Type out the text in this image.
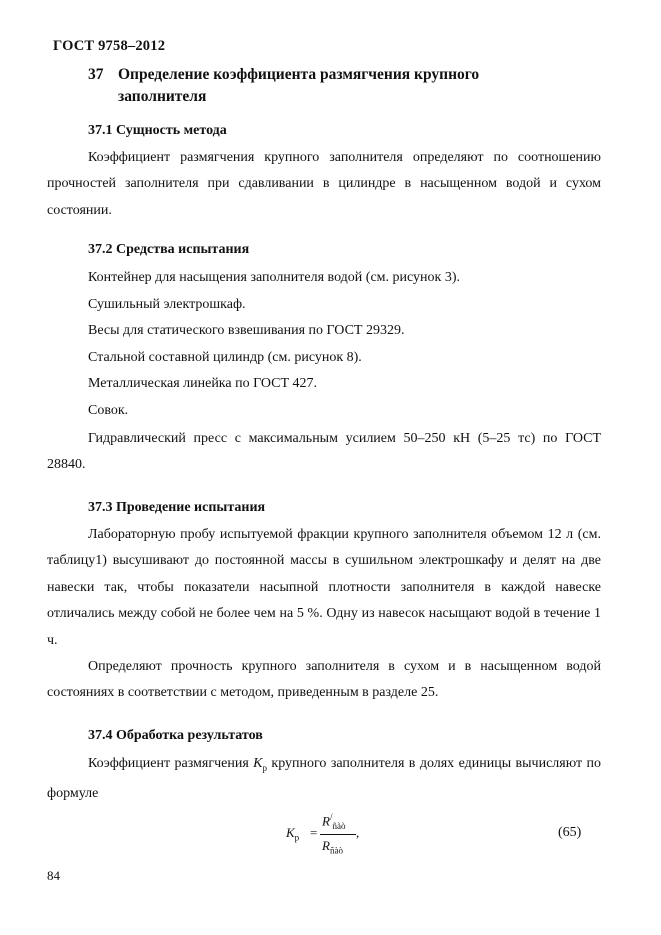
ГОСТ 9758–2012
37 Определение коэффициента размягчения крупного
заполнителя
37.1 Сущность метода
Коэффициент размягчения крупного заполнителя определяют по соотношению прочностей заполнителя при сдавливании в цилиндре в насыщенном водой и сухом состоянии.
37.2 Средства испытания
Контейнер для насыщения заполнителя водой (см. рисунок 3).
Сушильный электрошкаф.
Весы для статического взвешивания по ГОСТ 29329.
Стальной составной цилиндр (см. рисунок 8).
Металлическая линейка по ГОСТ 427.
Совок.
Гидравлический пресс с максимальным усилием 50–250 кН (5–25 тс) по ГОСТ 28840.
37.3 Проведение испытания
Лабораторную пробу испытуемой фракции крупного заполнителя объемом 12 л (см. таблицу1) высушивают до постоянной массы в сушильном электрошкафу и делят на две навески так, чтобы показатели насыпной плотности заполнителя в каждой навеске отличались между собой не более чем на 5 %. Одну из навесок насыщают водой в течение 1 ч.
Определяют прочность крупного заполнителя в сухом и в насыщенном водой состояниях в соответствии с методом, приведенным в разделе 25.
37.4 Обработка результатов
Коэффициент размягчения $K_р$ крупного заполнителя в долях единицы вычисляют по формуле
$K_р$ =
$R^/_{ñàò}$
$R_{ñàò}$
,	(65)
84
